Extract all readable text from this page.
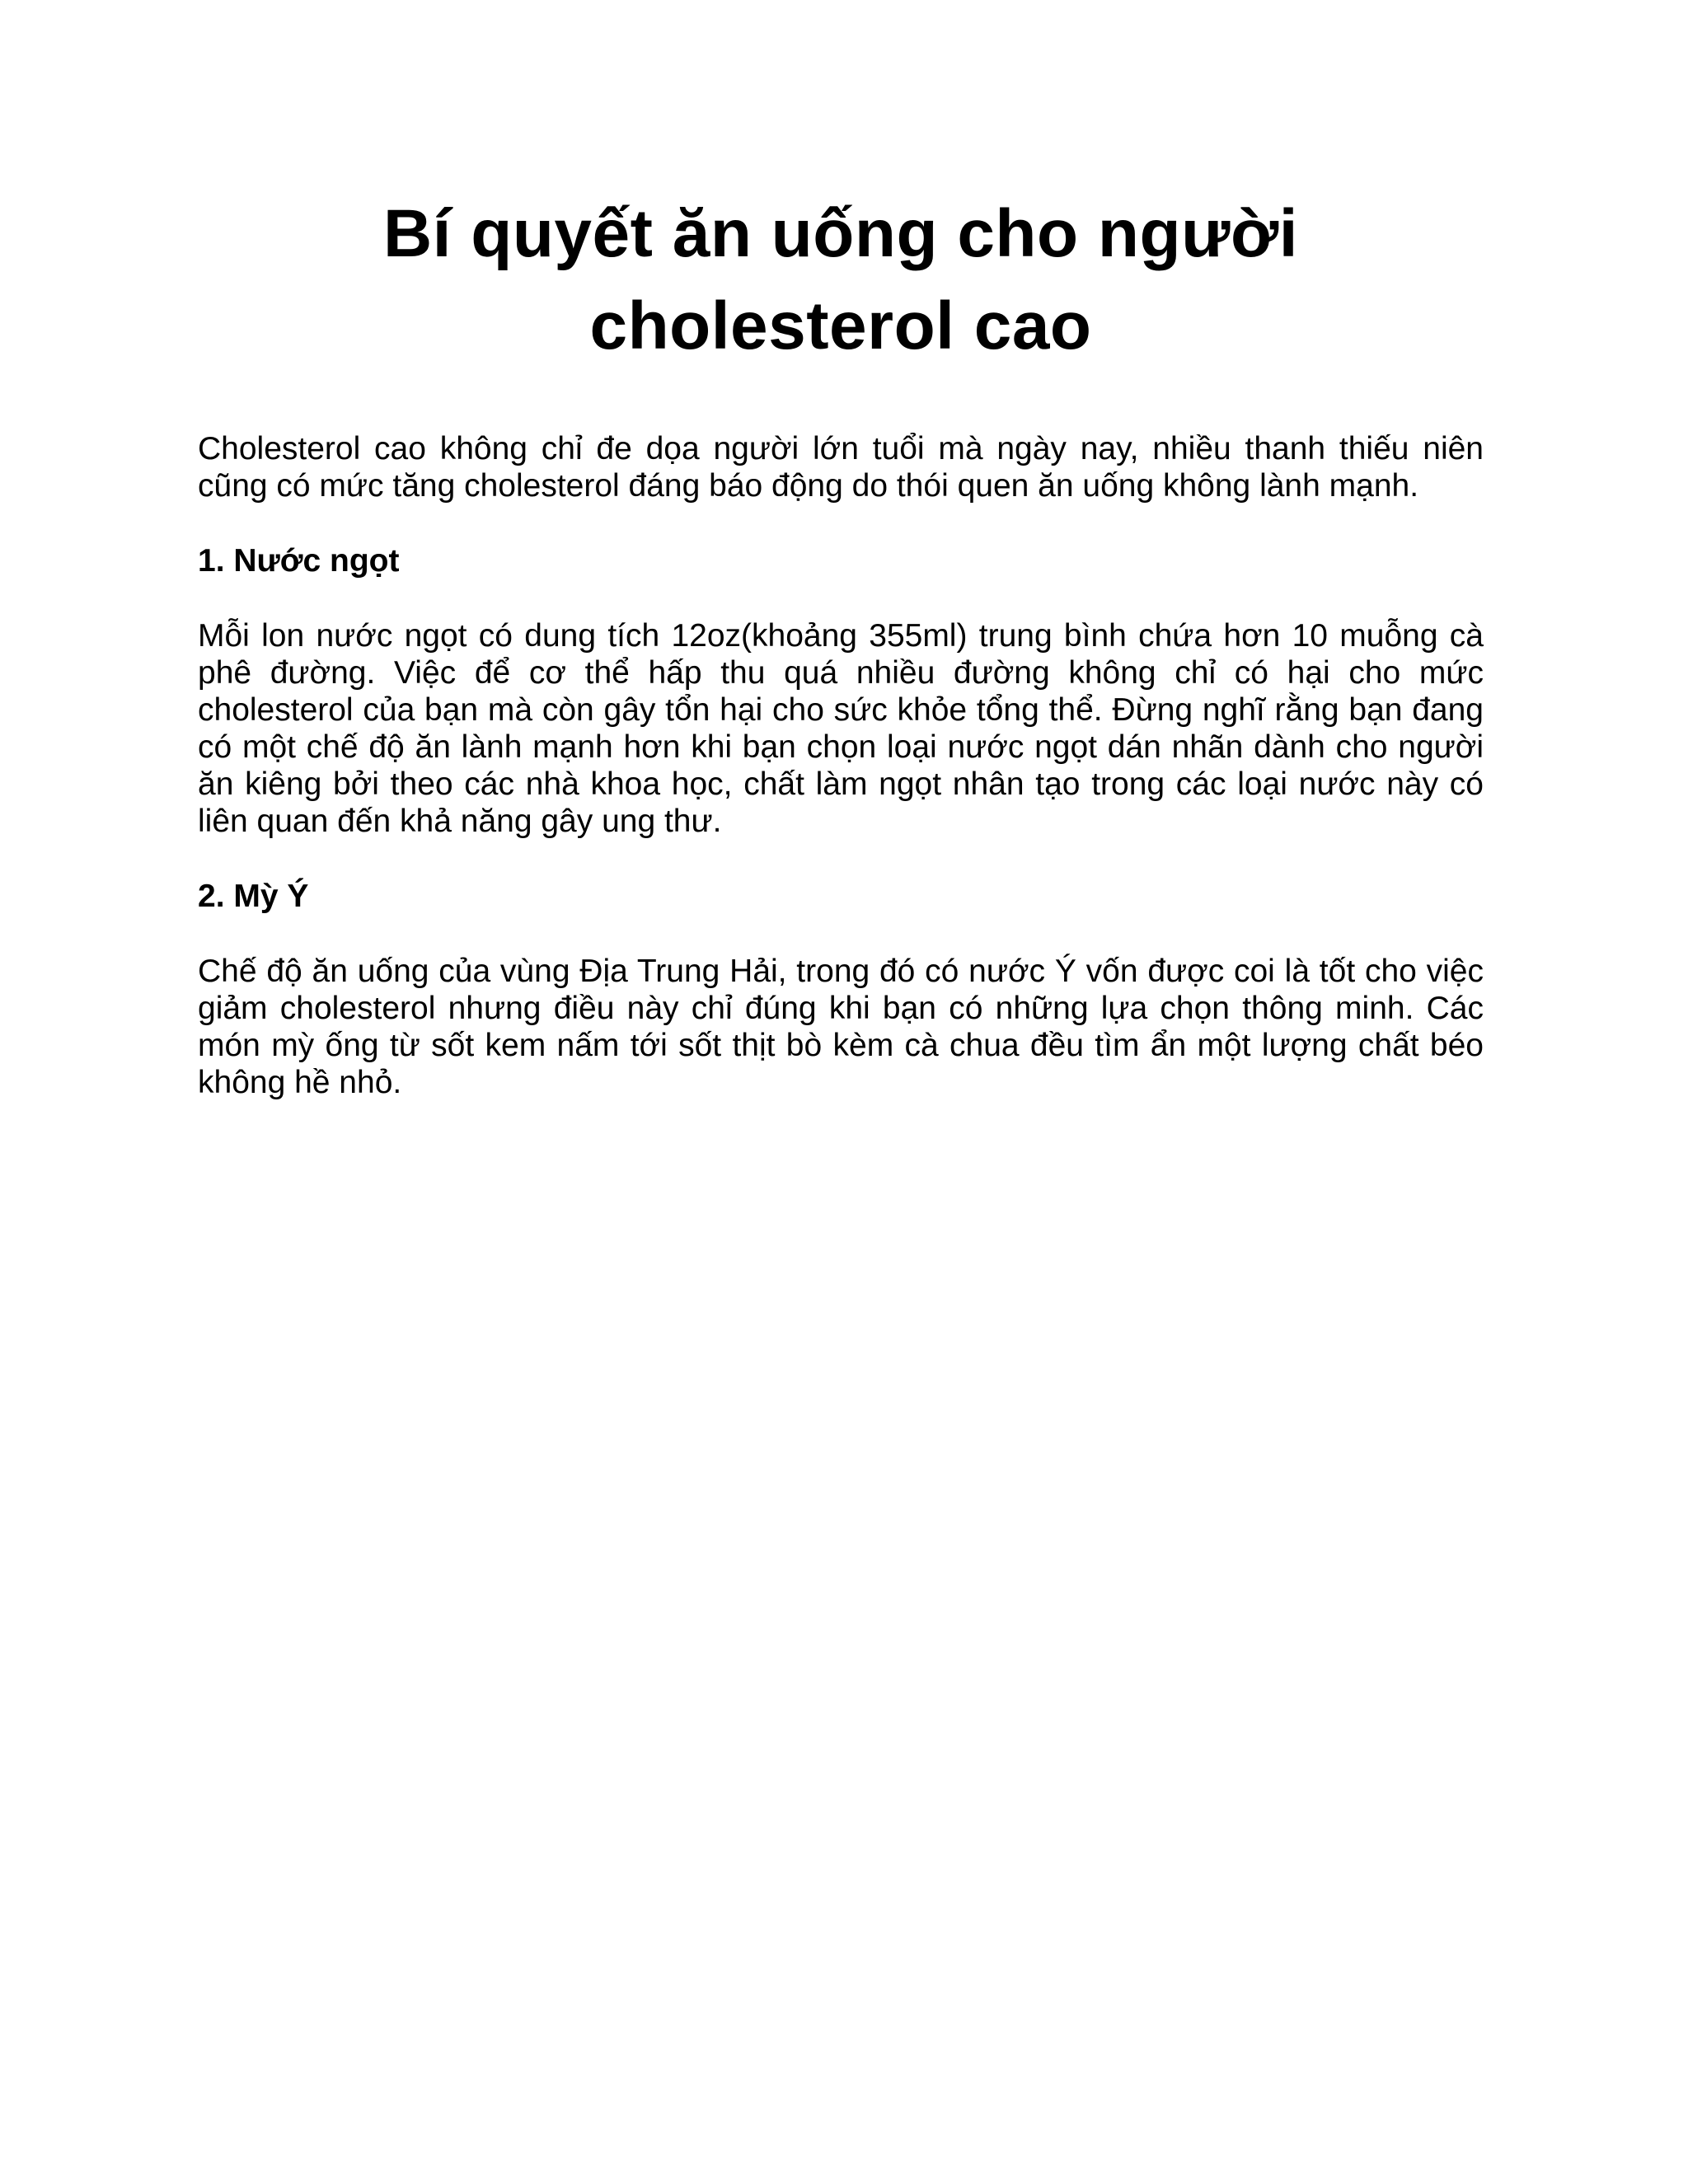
Bí quyết ăn uống cho người cholesterol cao

Cholesterol cao không chỉ đe dọa người lớn tuổi mà ngày nay, nhiều thanh thiếu niên cũng có mức tăng cholesterol đáng báo động do thói quen ăn uống không lành mạnh.

1. Nước ngọt

Mỗi lon nước ngọt có dung tích 12oz(khoảng 355ml) trung bình chứa hơn 10 muỗng cà phê đường. Việc để cơ thể hấp thu quá nhiều đường không chỉ có hại cho mức cholesterol của bạn mà còn gây tổn hại cho sức khỏe tổng thể. Đừng nghĩ rằng bạn đang có một chế độ ăn lành mạnh hơn khi bạn chọn loại nước ngọt dán nhãn dành cho người ăn kiêng bởi theo các nhà khoa học, chất làm ngọt nhân tạo trong các loại nước này có liên quan đến khả năng gây ung thư.

2. Mỳ Ý

Chế độ ăn uống của vùng Địa Trung Hải, trong đó có nước Ý vốn được coi là tốt cho việc giảm cholesterol nhưng điều này chỉ đúng khi bạn có những lựa chọn thông minh. Các món mỳ ống từ sốt kem nấm tới sốt thịt bò kèm cà chua đều tìm ẩn một lượng chất béo không hề nhỏ.
